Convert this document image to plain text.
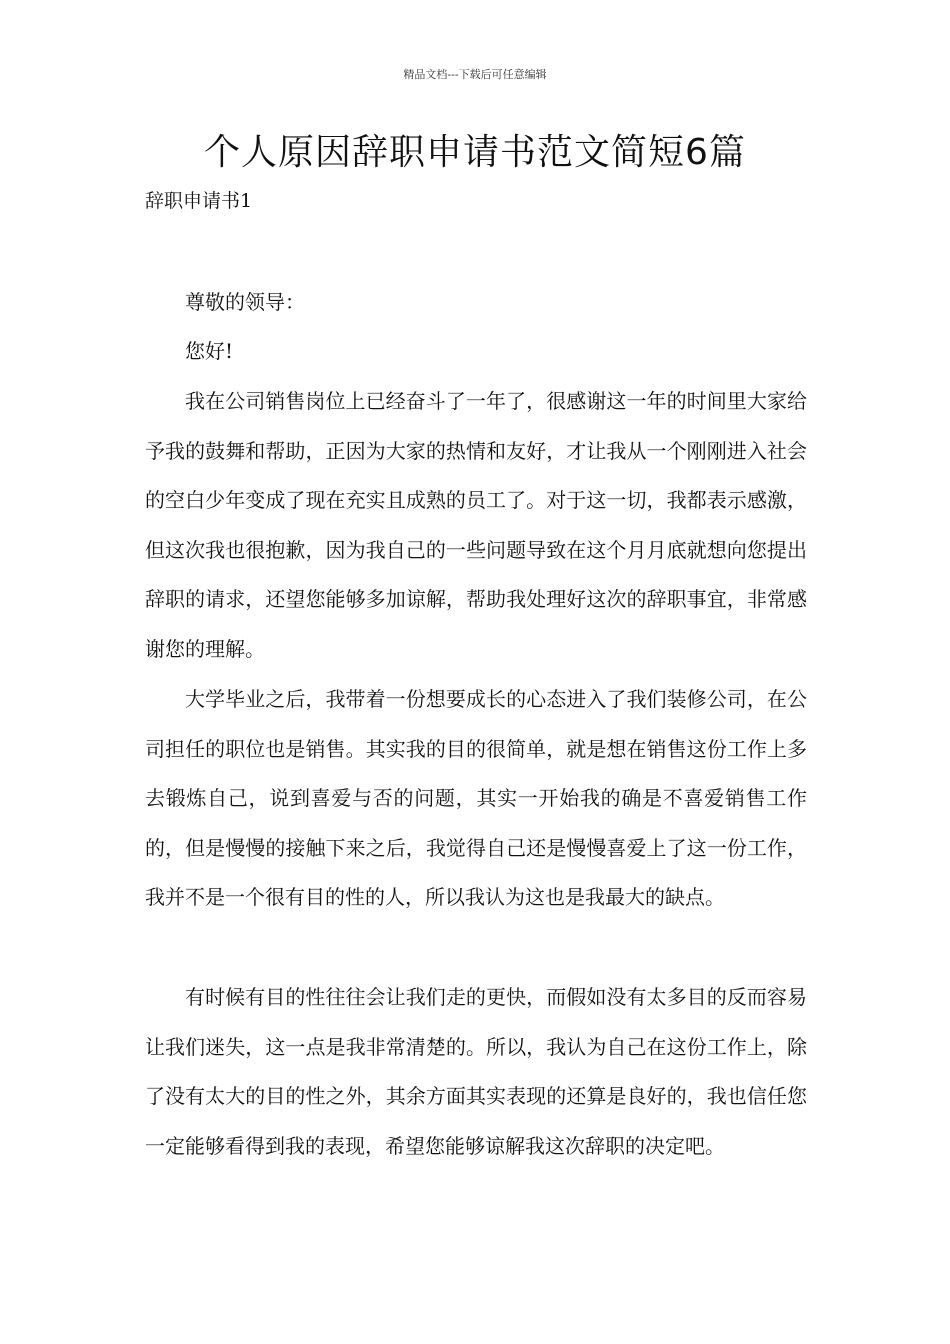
精品文档---下载后可任意编辑
个人原因辞职申请书范文简短6篇
辞职申请书1

尊敬的领导：

您好!

我在公司销售岗位上已经奋斗了一年了，很感谢这一年的时间里大家给予我的鼓舞和帮助，正因为大家的热情和友好，才让我从一个刚刚进入社会的空白少年变成了现在充实且成熟的员工了。对于这一切，我都表示感激，但这次我也很抱歉，因为我自己的一些问题导致在这个月月底就想向您提出辞职的请求，还望您能够多加谅解，帮助我处理好这次的辞职事宜，非常感谢您的理解。

大学毕业之后，我带着一份想要成长的心态进入了我们装修公司，在公司担任的职位也是销售。其实我的目的很简单，就是想在销售这份工作上多去锻炼自己，说到喜爱与否的问题，其实一开始我的确是不喜爱销售工作的，但是慢慢的接触下来之后，我觉得自己还是慢慢喜爱上了这一份工作，我并不是一个很有目的性的人，所以我认为这也是我最大的缺点。

有时候有目的性往往会让我们走的更快，而假如没有太多目的反而容易让我们迷失，这一点是我非常清楚的。所以，我认为自己在这份工作上，除了没有太大的目的性之外，其余方面其实表现的还算是良好的，我也信任您一定能够看得到我的表现，希望您能够谅解我这次辞职的决定吧。
